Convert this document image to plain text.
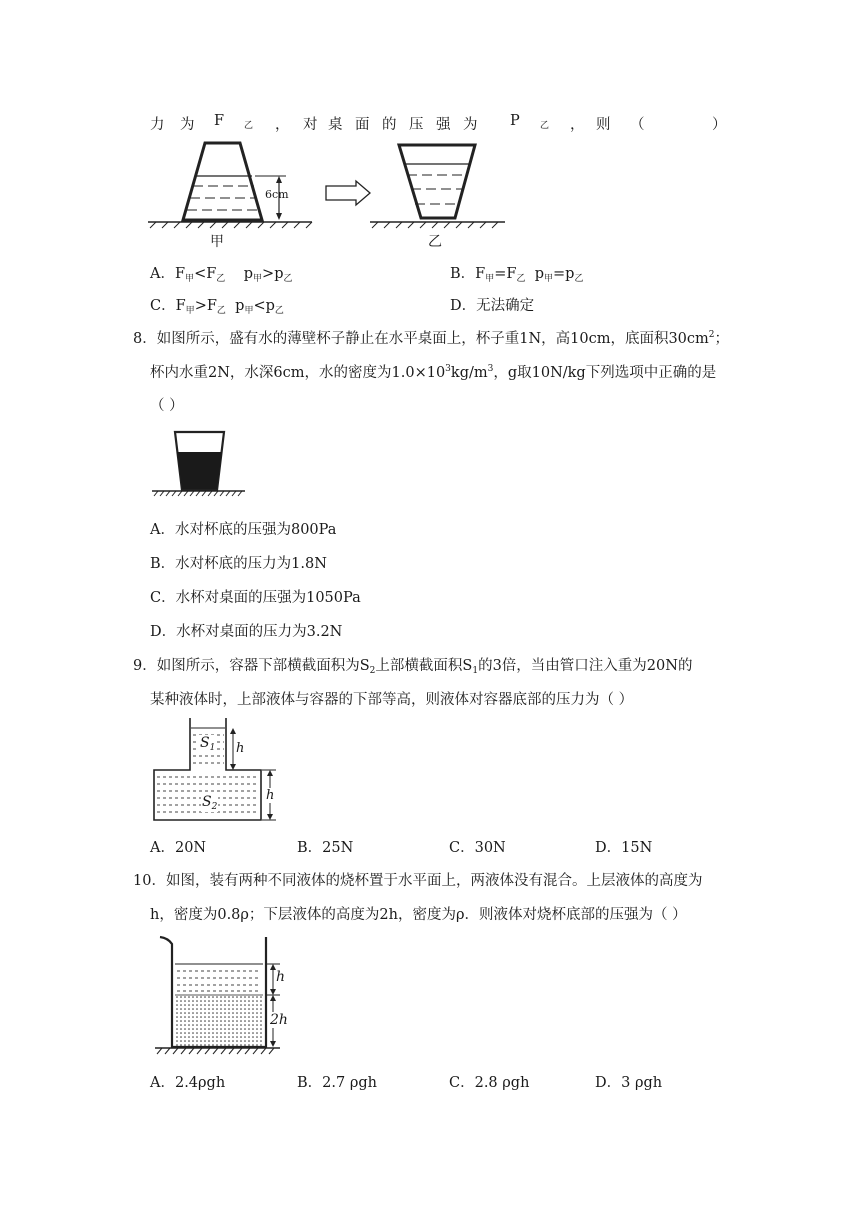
力 为 F 乙 ， 对 桌 面 的 压 强 为 P 乙 ， 则 （	）
6cm
甲	乙
A．$F_甲<F_乙$ $p_甲>p_乙$	B．$F_甲=F_乙$ $p_甲=p_乙$
C．$F_甲>F_乙$ $p_甲<p_乙$	D．无法确定
8．如图所示，盛有水的薄壁杯子静止在水平桌面上，杯子重1N，高10cm，底面积$30cm^2$；
杯内水重2N，水深6cm，水的密度为$1.0\times 10^3kg/m^3$，g取10N/kg下列选项中正确的是
（ ）
A．水对杯底的压强为800Pa
B．水对杯底的压力为1.8N
C．水杯对桌面的压强为1050Pa
D．水杯对桌面的压力为3.2N
9．如图所示，容器下部横截面积为$S_2$上部横截面积$S_1$的3倍，当由管口注入重为20N的
某种液体时，上部液体与容器的下部等高，则液体对容器底部的压力为（ ）
$S_1$
$S_2$
h
h
A．20N	B．25N	C．30N	D．15N
10．如图，装有两种不同液体的烧杯置于水平面上，两液体没有混合。上层液体的高度为
h，密度为0.8ρ；下层液体的高度为2h，密度为ρ．则液体对烧杯底部的压强为（ ）
h
2h
A．2.4ρgh	B．2.7 ρgh	C．2.8 ρgh	D．3 ρgh
